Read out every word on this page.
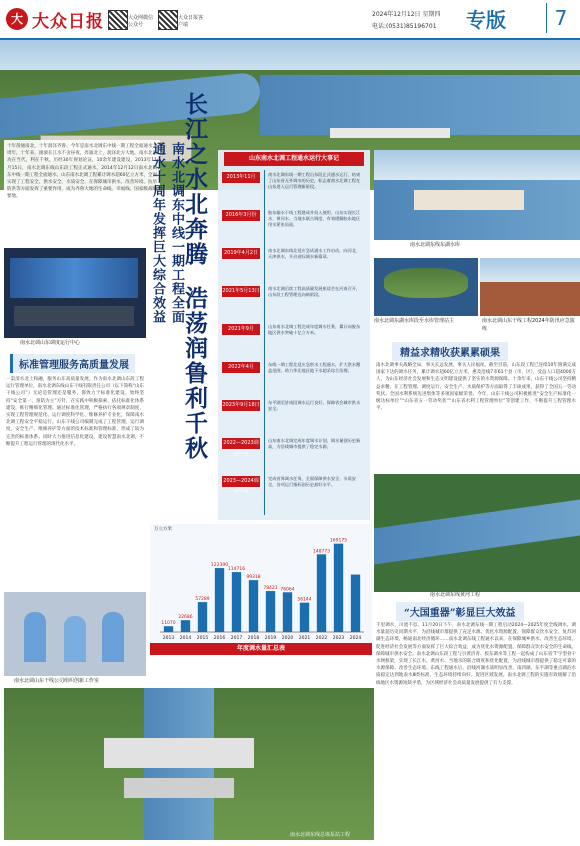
大 大众日报	大众网微信公众号
大众日报客户端
2024年12月12日 星期四
电话:(0531)85196701 专版	7
十年凿通南北，十年润泽齐鲁。今年是南水北调东中线一期工程全面通水十周年，十年来，滚滚长江水不舍昼夜，奔涌北上，润泽北方大地。南水北调功在当代，利在千秋。历经30年规划论证，10余年建设建设，2013年11月15日，南水北调东线山东段工程正式通水。2014年12月12日南水北调东中线一期工程全面通水。山东南水北调工程累计调水超60亿立方米，全面实现了工程安全、供水安全、水质安全，在保障城市供水、改善环境、抗旱防洪等方面发挥了重要作用，成为齐鲁大地的生命线、幸福线、国家级战略要地。	长江之水北奔腾
南水北调东中线一期工程全面通水十周年发挥巨大综合效益
浩荡润鲁利千秋
山东南水北调工程通水运行大事记
2013年11月	南水北调东线一期工程山东段正式通水运行，结束了山东省无外调水的历史，标志着南水北调工程在山东进入运行管理新阶段。
2016年3月份	胶东输水干线工程建成并投入使用，山东实现长江水、黄河水、当地水联合调度，有效缓解胶东地区用水紧张局面。
2019年4月2日	南水北调东线北延应急试通水工作启动，向河北、天津供水，开启省际调水新篇章。
2021年5月13日 南水北调后续工程高质量发展座谈会在河南召开，山东段工程管理迈向新阶段。
2021年9月	山东南水北调工程完成年度调水任务，累计向胶东地区供水突破十亿立方米。
2022年4月	东线一期工程北延应急供水工程通水，扩大供水覆盖范围，助力华北地区地下水超采综合治理。
2023年9月18日 东平湖至济南段调水运行良好，保障省会城市供水安全。
2022—2023调水年度
山东南水北调完成年度调水计划，调水量创历史新高，为沿线城市提供了稳定水源。
2023—2024调水年度
完成省界调水任务，全面保障供水安全、水质安全，各项运行指标创历史最好水平。
南水北调山东调度运行中心
标准管理服务高质量发展
一渠清水北上和融，服务山东高质量发展。作为南水北调山东段工程运行管理单位，南水北调东线山东干线有限责任公司（以下简称“山东干线公司”）无论是管理还是服务，都致力于标准化建设。始终坚持“安全第一、预防为主”方针，在实践中积极探索，依托标准化体系建设，推行精细化管理。通过标准化管理，严格执行各项规章制度，实现工程管理规范化、运行调度科学化、维修养护专业化，保障南水北调工程安全平稳运行。山东干线公司编制完成了工程管理、运行调度、安全生产、维修养护等方面的技术标准和管理标准，形成了较为完善的标准体系。同时大力推进信息化建设，建设智慧南水北调，不断提升工程运行管理的现代化水平。
南水北调山东干线公司组织创新工作室
万立方米
11070
2013
22686
2014
57289
2015
122390
2016
114716
2017
99318
2018
78421
2019
76064
2020
56144
2021
148773
2022
169175
2023 2024
年度调水量汇总表
南水北调东线东湖水库
南水北调东湖水库段至水库管理站主	南水北调山东干线工程2024年防汛应急演练
精益求精收获累累硕果
南水北调事关战略全局、事关长远发展、事关人民福祉。截至目前，山东段工程已连续10年圆满完成国家下达的调水任务，累计调水超60亿立方米，惠及沿线7市61个县（市、区），受益人口超4000万人，为山东经济社会发展和生态文明建设提供了坚实的水资源保障。十余年来，山东干线公司坚持精益求精，在工程管理、调度运行、安全生产、水质保护等方面取得了丰硕成果，获得了全国五一劳动奖状、全国水利系统先进集体等多项国家级荣誉。今年，山东干线公司积极推进“安全生产标准化一级达标单位”“山东省五一劳动奖状”“山东省水利工程管理单位”等创建工作，不断提升工程管理水平。
南水北调东线黄河工程
“大国重器”彰显巨大效益
千里调水，川流不息。11月20日下午，南水北调东线一期工程启动2024—2025年度全线调水，调水量超历史同期水平，为沿线城市群提供了充足水源。优化水资源配置、保障群众饮水安全、复苏河湖生态环境、畅通南北经济循环……南水北调东线工程通水以来，在保障城乡供水、改善生态环境、促进经济社会发展等方面发挥了巨大综合效益，成为优化水资源配置、保障群众饮水安全的生命线。保障城市供水安全。南水北调山东段工程与引黄济青、胶东调水等工程一起构成了山东省‘T’字型骨干水网框架，实现了长江水、黄河水、当地水的联合调度和优化配置，为沿线城市群提供了稳定可靠的水源保障。改善生态环境。东线工程通水后，沿线河湖水质明显改善，南四湖、东平湖等重点湖泊水质稳定达到地表水Ⅲ类标准，生态环境持续向好。促进区域发展。南水北调工程的实施有效缓解了沿线地区水资源短缺矛盾，为区域经济社会高质量发展提供了有力支撑。
南水北调东线总体泵站工程
